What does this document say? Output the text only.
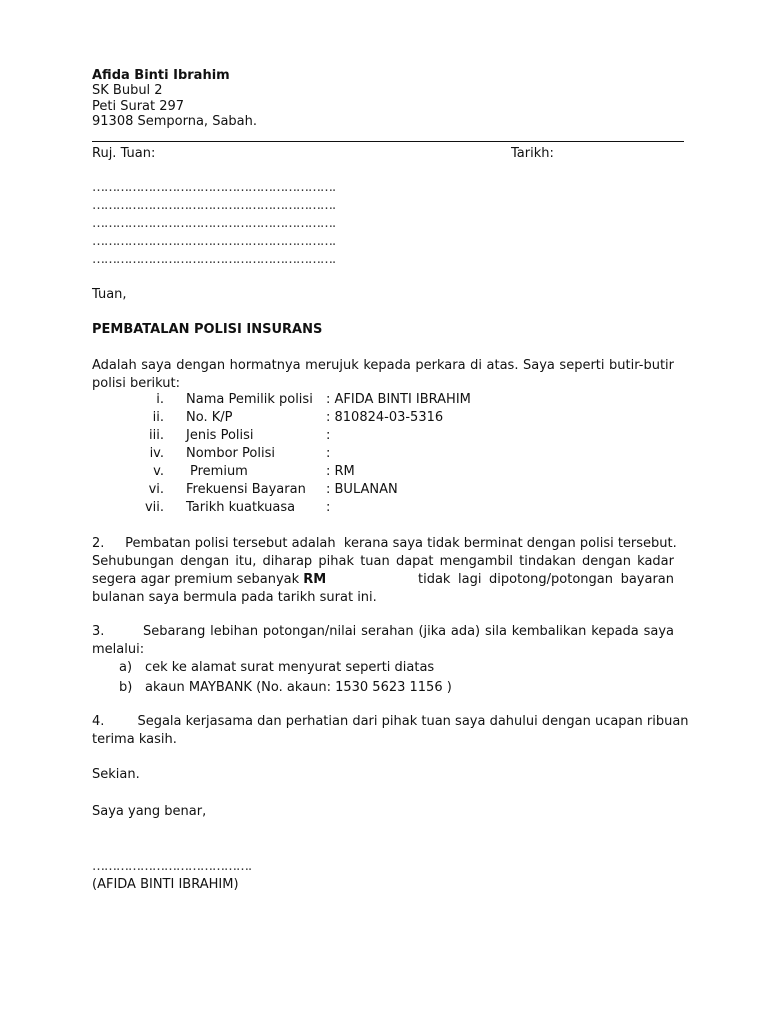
Afida Binti Ibrahim
SK Bubul 2
Peti Surat 297
91308 Semporna, Sabah.
Ruj. Tuan:	Tarikh:
…………………………………………………….
…………………………………………………….
…………………………………………………….
…………………………………………………….
…………………………………………………….
Tuan,
PEMBATALAN POLISI INSURANS
Adalah saya dengan hormatnya merujuk kepada perkara di atas. Saya seperti butir-butir
polisi berikut:
i. Nama Pemilik polisi : AFIDA BINTI IBRAHIM
ii. No. K/P	: 810824-03-5316
iii. Jenis Polisi	:
iv. Nombor Polisi	:
v. Premium	: RM
vi. Frekuensi Bayaran : BULANAN
vii. Tarikh kuatkuasa :
2.     Pembatan polisi tersebut adalah  kerana saya tidak berminat dengan polisi tersebut.
Sehubungan dengan itu, diharap pihak tuan dapat mengambil tindakan dengan kadar
segera agar premium sebanyak RM	tidak lagi dipotong/potongan bayaran
bulanan saya bermula pada tarikh surat ini.
3.        Sebarang lebihan potongan/nilai serahan (jika ada) sila kembalikan kepada saya
melalui:
a) cek ke alamat surat menyurat seperti diatas
b) akaun MAYBANK (No. akaun: 1530 5623 1156 )
4.        Segala kerjasama dan perhatian dari pihak tuan saya dahului dengan ucapan ribuan
terima kasih.
Sekian.
Saya yang benar,
………………………………….
(AFIDA BINTI IBRAHIM)
